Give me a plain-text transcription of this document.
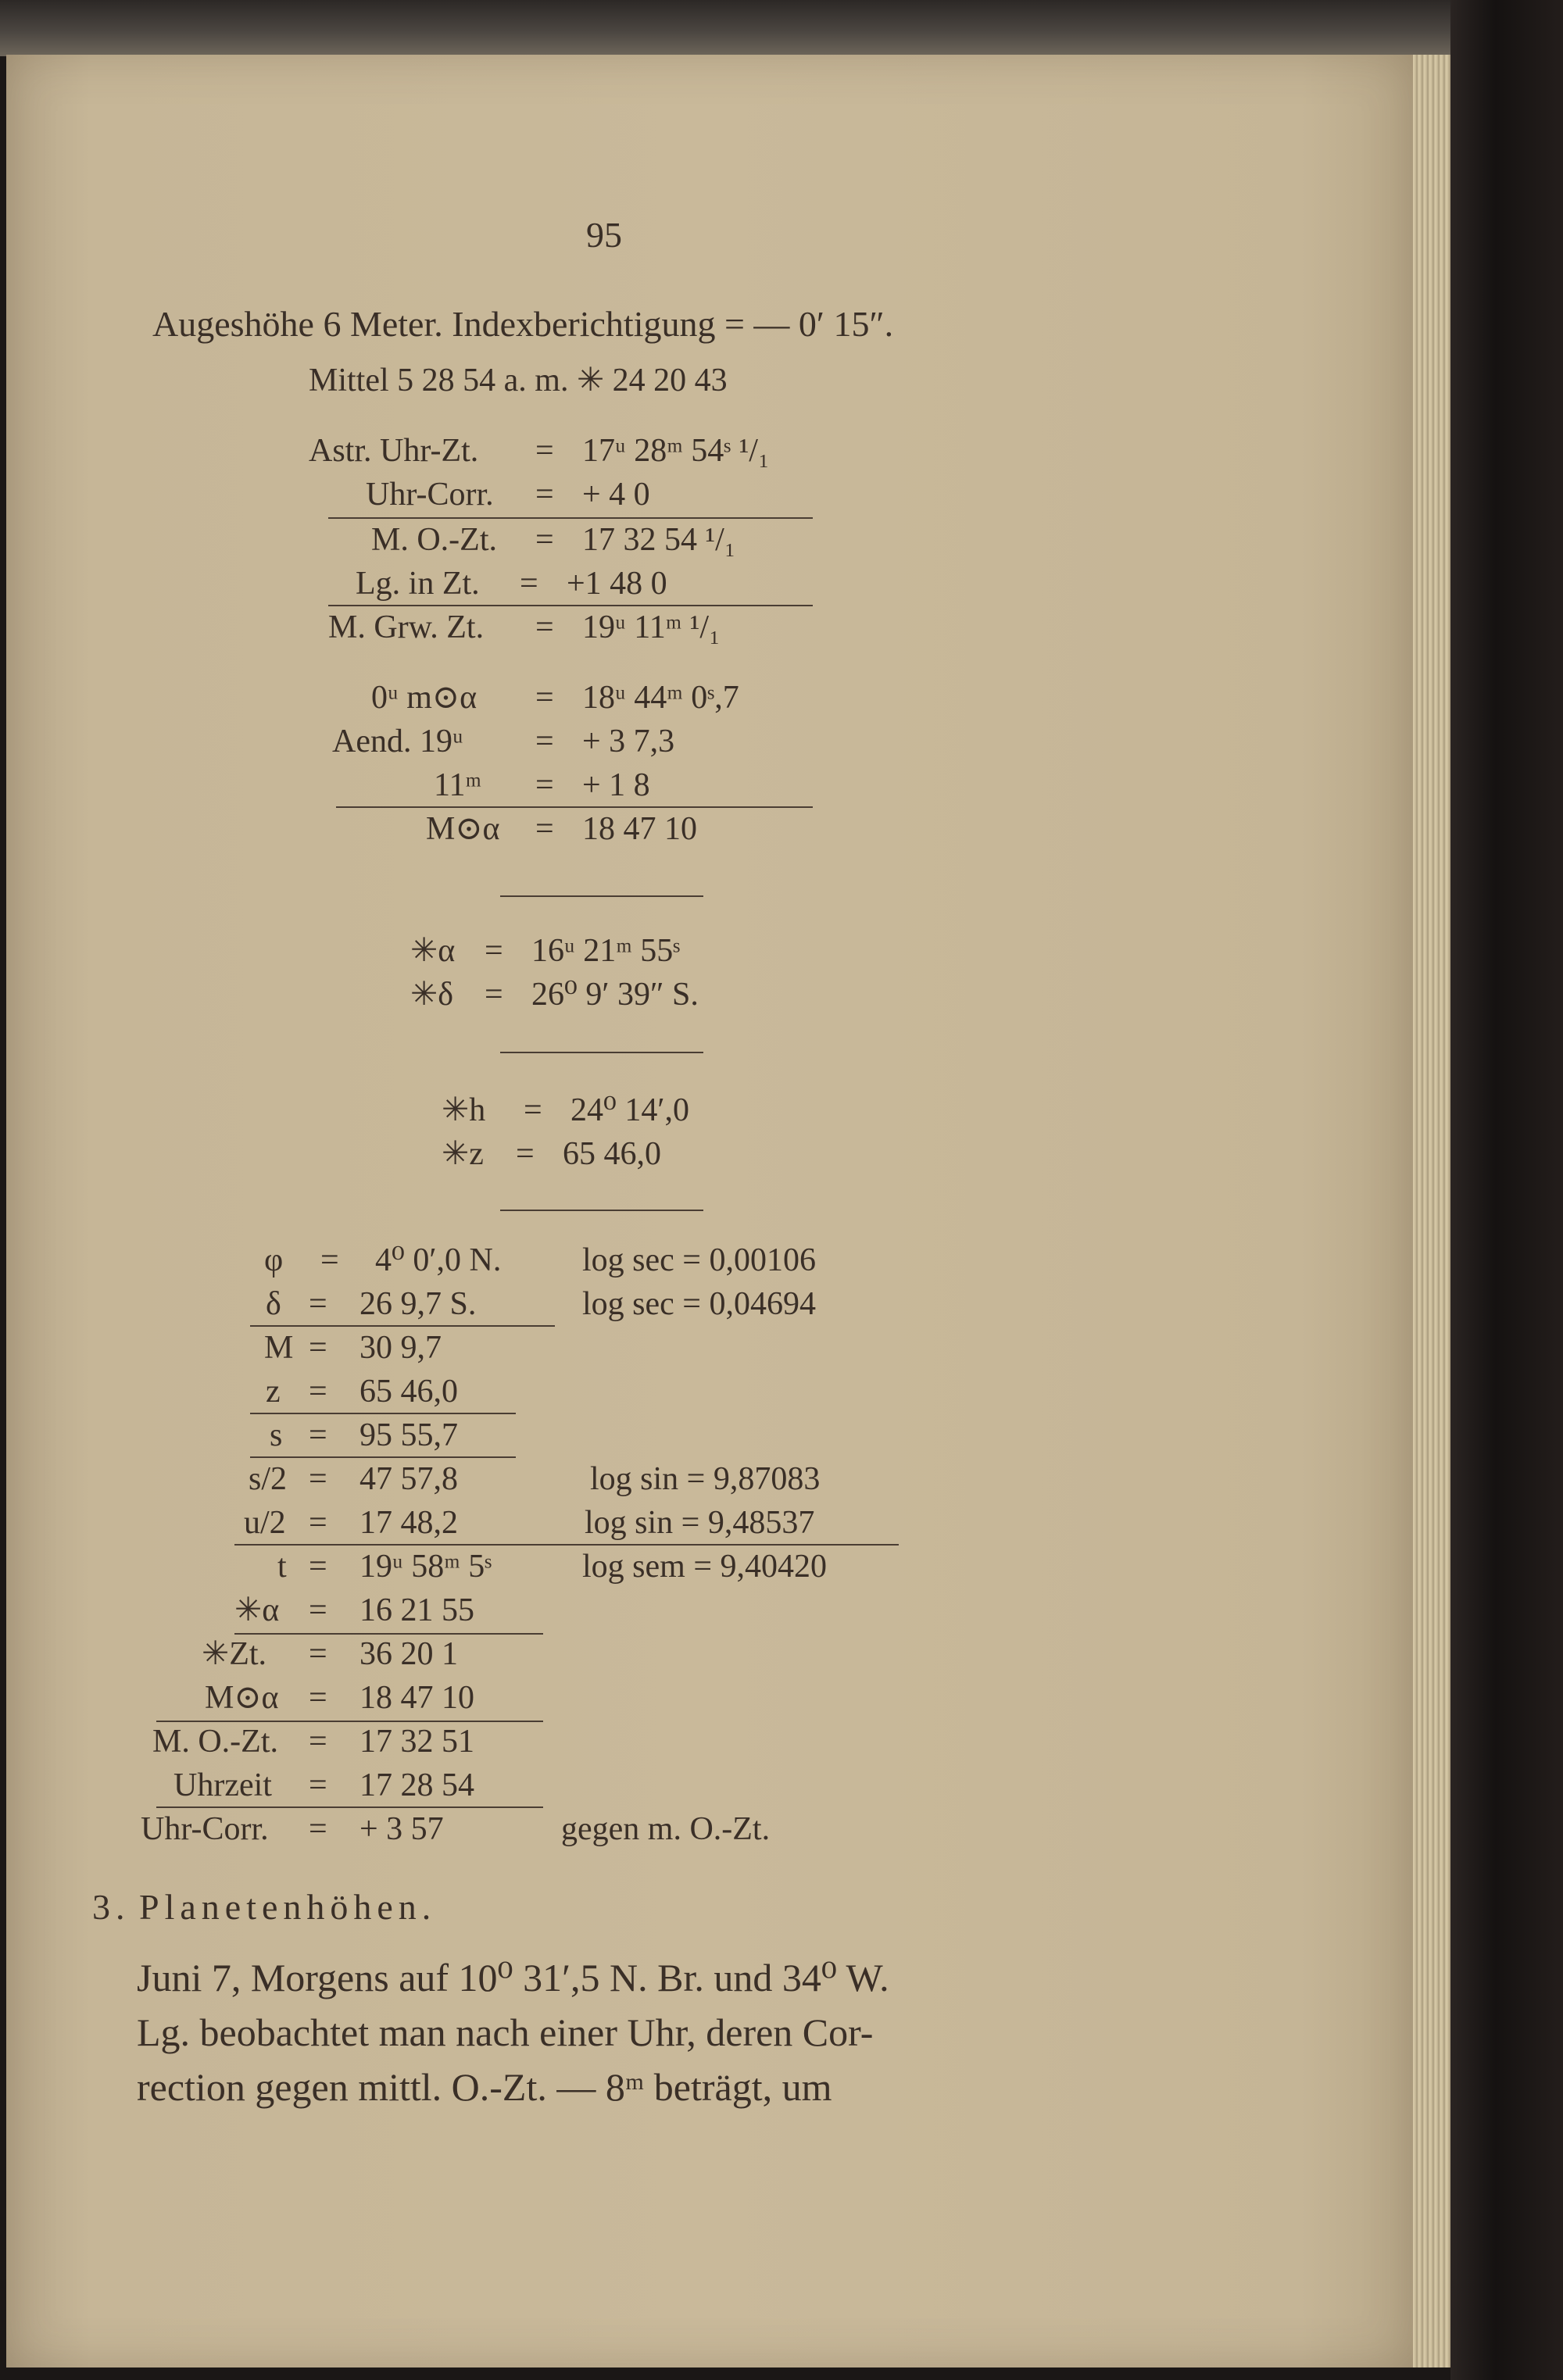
95
Augeshöhe 6 Meter. Indexberichtigung = — 0′ 15″.
Mittel 5 28 54 a. m. ✳ 24 20 43
Astr. Uhr-Zt. = 17ᵘ 28ᵐ 54ˢ ¹/₁
Uhr-Corr. = + 4 0
M. O.-Zt. = 17 32 54 ¹/₁
Lg. in Zt. = +1 48 0
M. Grw. Zt. = 19ᵘ 11ᵐ ¹/₁
0ᵘ m⊙α = 18ᵘ 44ᵐ 0ˢ,7
Aend. 19ᵘ = + 3 7,3
11ᵐ = + 1 8
M⊙α = 18 47 10
✳α = 16ᵘ 21ᵐ 55ˢ
✳δ = 26⁰ 9′ 39″ S.
✳h = 24⁰ 14′,0
✳z = 65 46,0
φ = 4⁰ 0′,0 N. log sec = 0,00106
δ = 26 9,7 S.	log sec = 0,04694
M = 30 9,7
z = 65 46,0
s = 95 55,7
s/2 = 47 57,8	log sin = 9,87083
u/2 = 17 48,2	log sin = 9,48537
t = 19ᵘ 58ᵐ 5ˢ	log sem = 9,40420
✳α = 16 21 55
✳Zt. = 36 20 1
M⊙α = 18 47 10
M. O.-Zt. = 17 32 51
Uhrzeit = 17 28 54
Uhr-Corr. = + 3 57	gegen m. O.-Zt.
3. Planetenhöhen.
Juni 7, Morgens auf 10⁰ 31′,5 N. Br. und 34⁰ W.
Lg. beobachtet man nach einer Uhr, deren Cor-
rection gegen mittl. O.-Zt. — 8ᵐ beträgt, um
